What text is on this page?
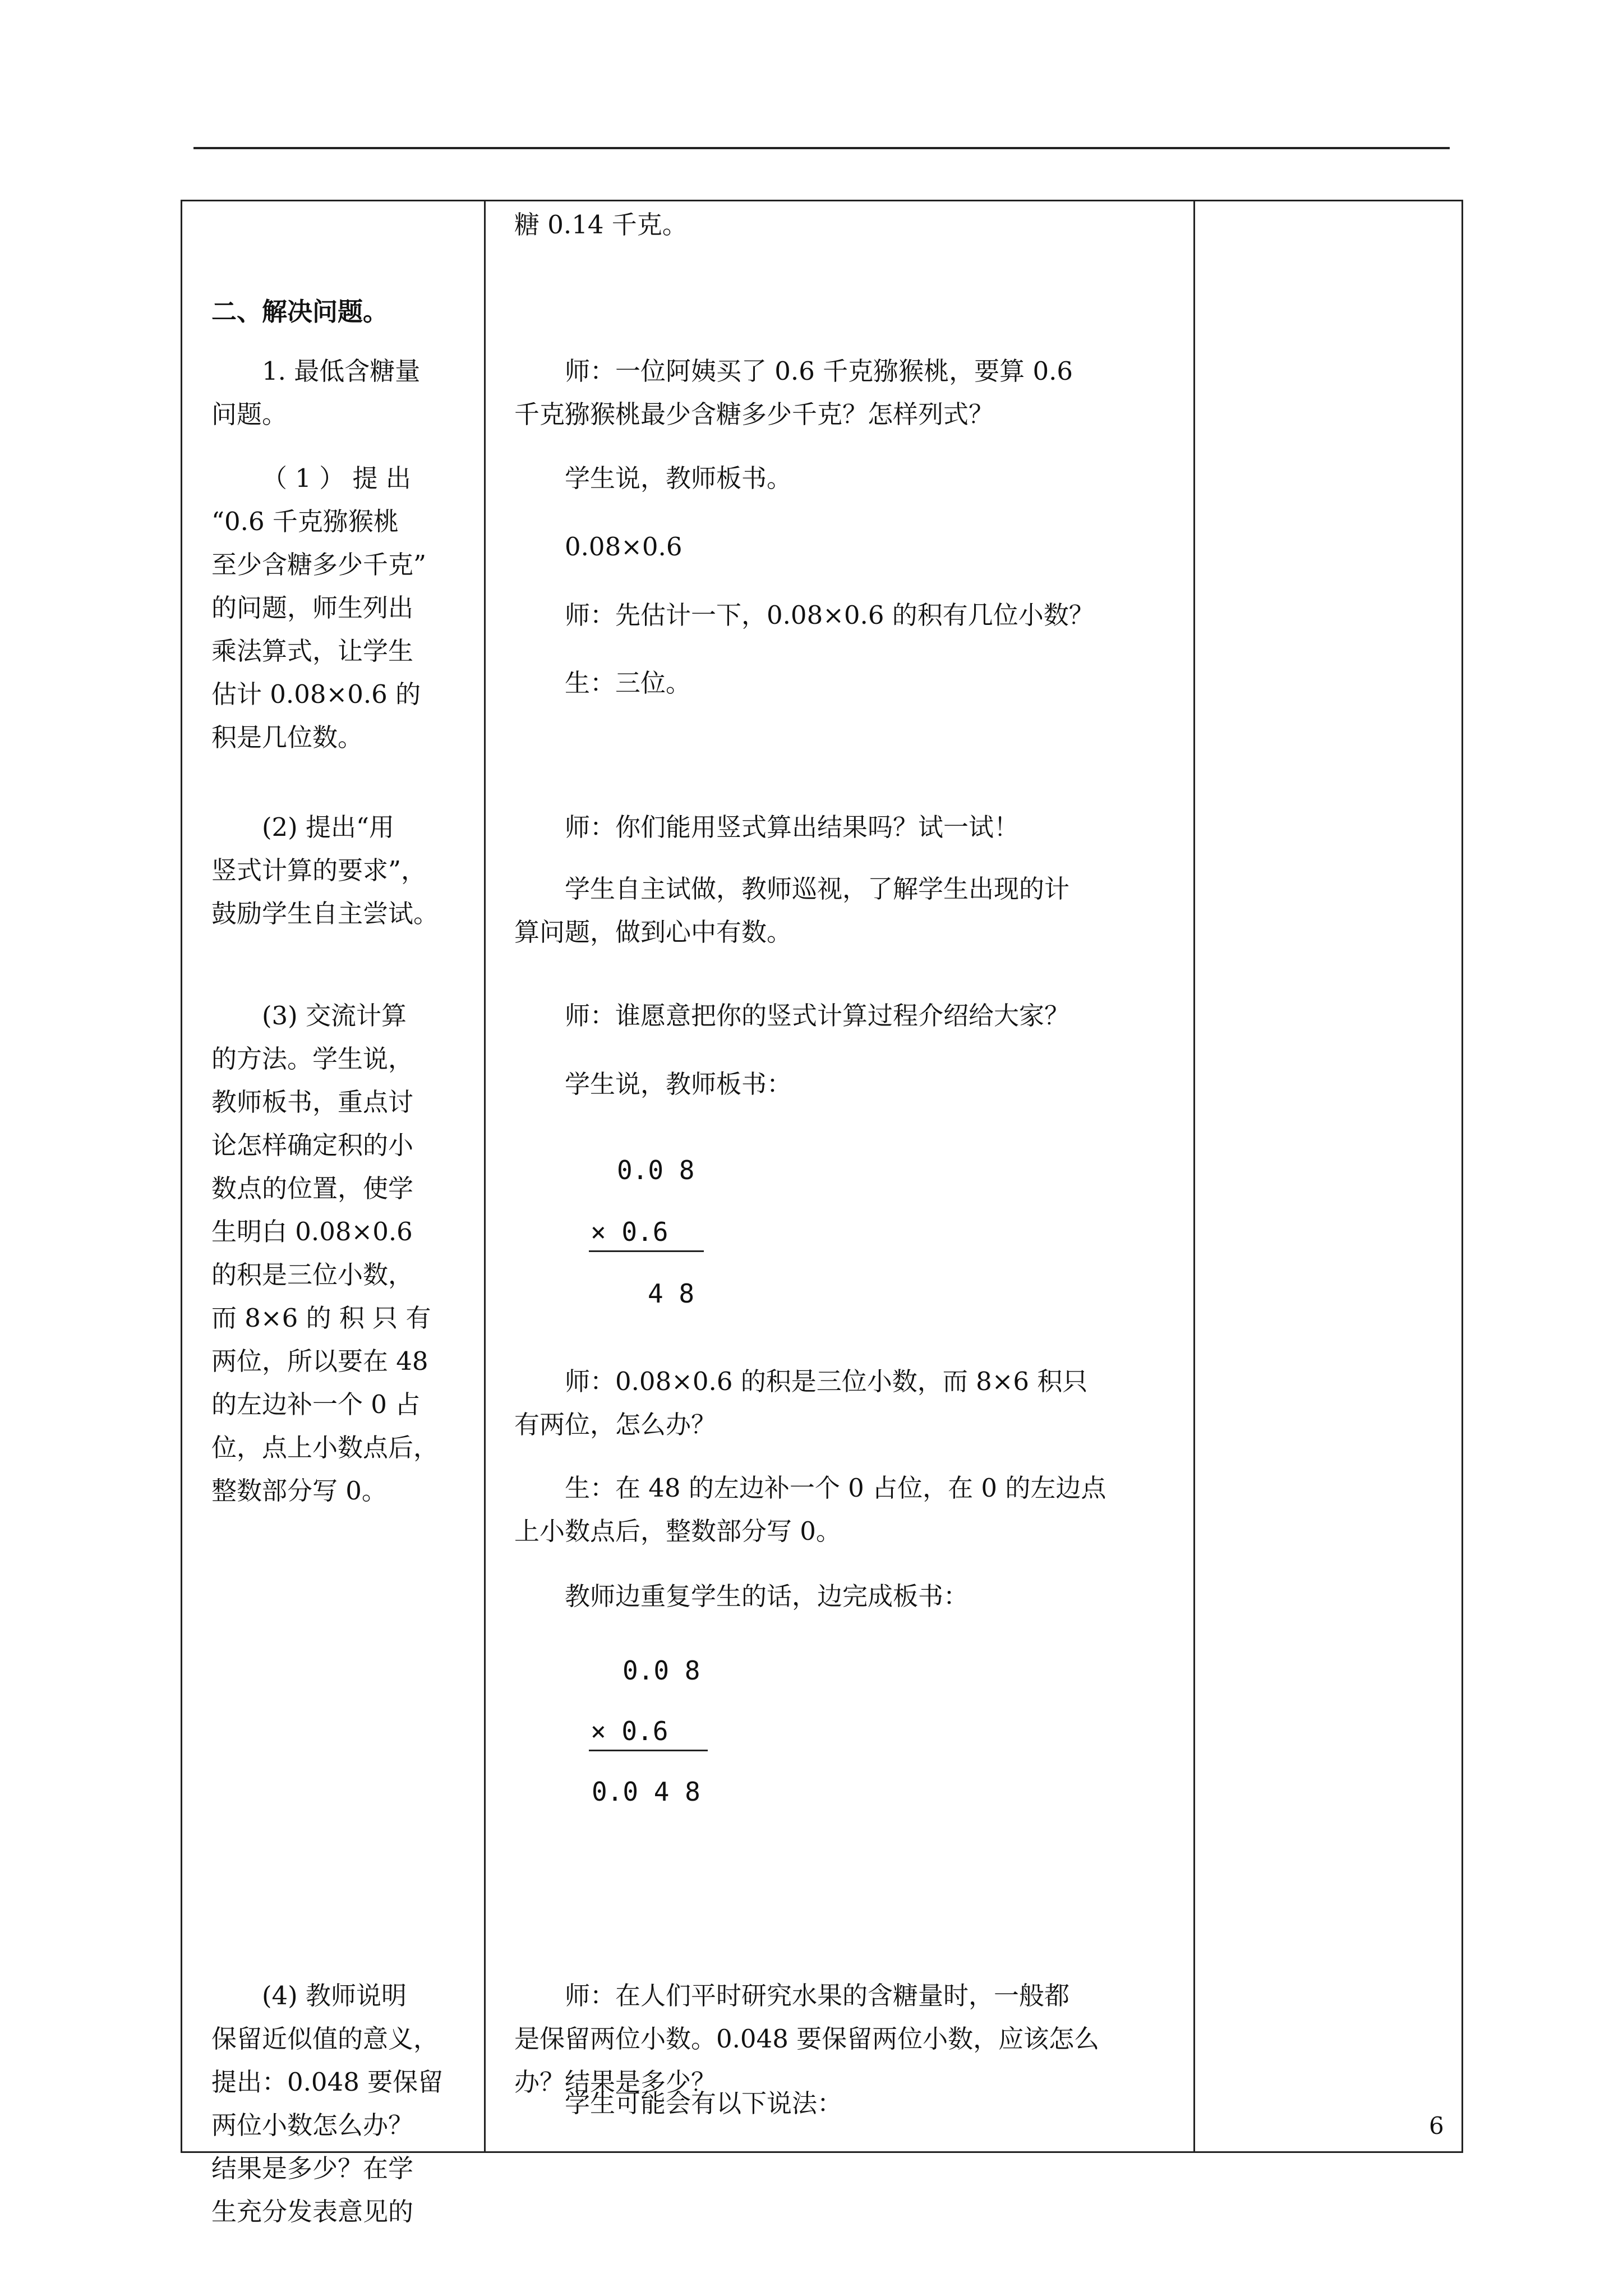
糖 0.14 千克。
二、解决问题。
1. 最低含糖量
问题。
（ 1 ） 提 出
“0.6 千克猕猴桃
至少含糖多少千克”
的问题，师生列出
乘法算式，让学生
估计 0.08×0.6 的
积是几位数。
(2) 提出“用
竖式计算的要求”，
鼓励学生自主尝试。
(3) 交流计算
的方法。学生说，
教师板书，重点讨
论怎样确定积的小
数点的位置，使学
生明白 0.08×0.6
的积是三位小数，
而 8×6 的 积 只 有
两位，所以要在 48
的左边补一个 0 占
位，点上小数点后，
整数部分写 0。
(4) 教师说明
保留近似值的意义，
提出：0.048 要保留
两位小数怎么办？
结果是多少？在学
生充分发表意见的
师：一位阿姨买了 0.6 千克猕猴桃，要算 0.6
千克猕猴桃最少含糖多少千克？怎样列式？
学生说，教师板书。
0.08×0.6
师：先估计一下，0.08×0.6 的积有几位小数？
生：三位。
师：你们能用竖式算出结果吗？试一试！
学生自主试做，教师巡视，了解学生出现的计
算问题，做到心中有数。
师：谁愿意把你的竖式计算过程介绍给大家？
学生说，教师板书：
0.0 8
× 0.6
4 8
师：0.08×0.6 的积是三位小数，而 8×6 积只
有两位，怎么办？
生：在 48 的左边补一个 0 占位，在 0 的左边点
上小数点后，整数部分写 0。
教师边重复学生的话，边完成板书：
0.0 8
× 0.6
0.0 4 8
师：在人们平时研究水果的含糖量时，一般都
是保留两位小数。0.048 要保留两位小数，应该怎么
办？结果是多少？
学生可能会有以下说法：
6
